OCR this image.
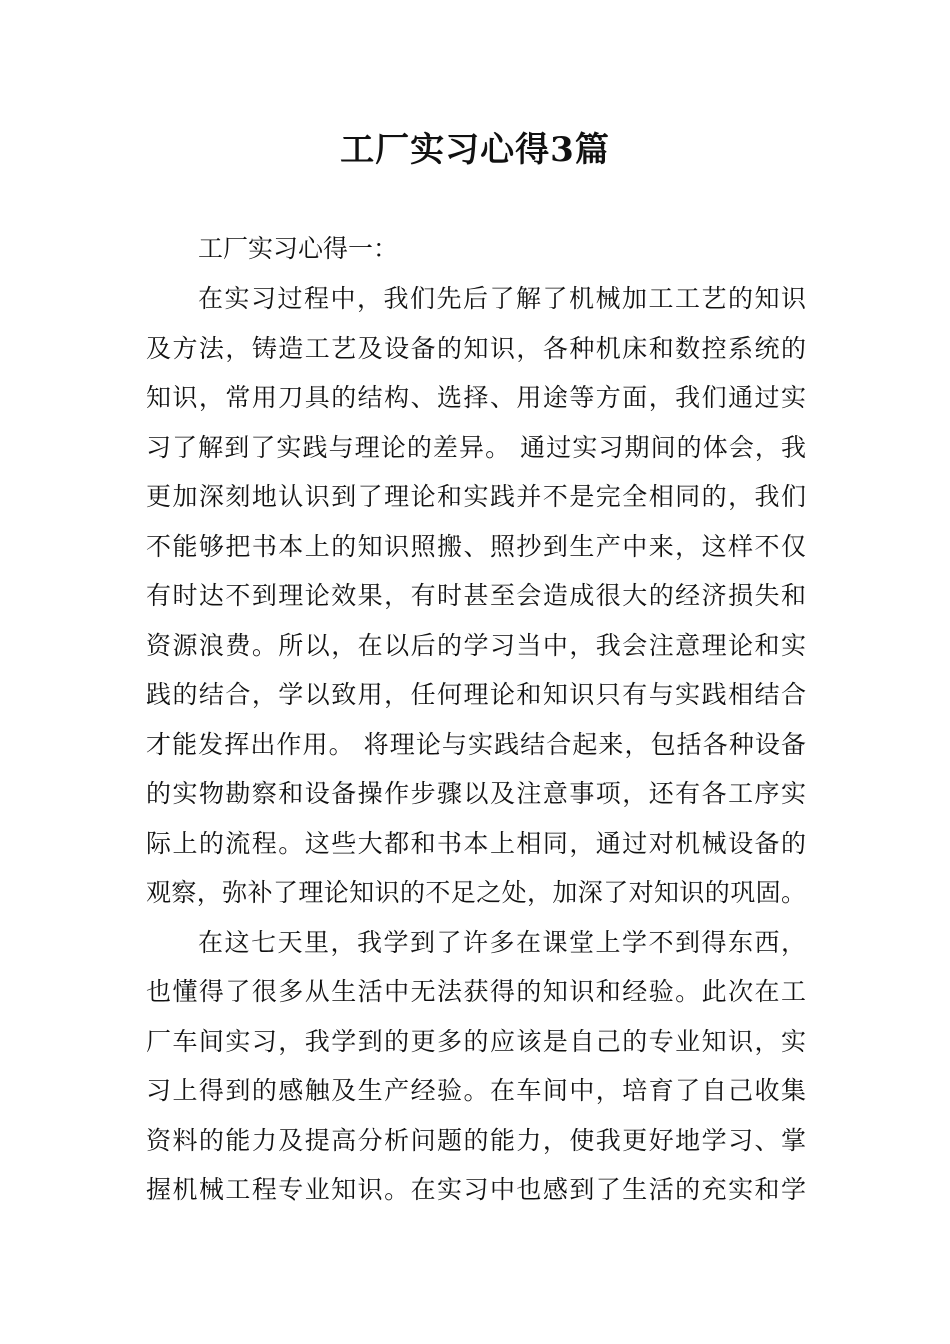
工厂实习心得3篇
工厂实习心得一：
在实习过程中，我们先后了解了机械加工工艺的知识
及方法，铸造工艺及设备的知识，各种机床和数控系统的
知识，常用刀具的结构、选择、用途等方面，我们通过实
习了解到了实践与理论的差异。 通过实习期间的体会，我
更加深刻地认识到了理论和实践并不是完全相同的，我们
不能够把书本上的知识照搬、照抄到生产中来，这样不仅
有时达不到理论效果，有时甚至会造成很大的经济损失和
资源浪费。所以，在以后的学习当中，我会注意理论和实
践的结合，学以致用，任何理论和知识只有与实践相结合
才能发挥出作用。 将理论与实践结合起来，包括各种设备
的实物勘察和设备操作步骤以及注意事项，还有各工序实
际上的流程。这些大都和书本上相同，通过对机械设备的
观察，弥补了理论知识的不足之处，加深了对知识的巩固。
在这七天里，我学到了许多在课堂上学不到得东西，
也懂得了很多从生活中无法获得的知识和经验。此次在工
厂车间实习，我学到的更多的应该是自己的专业知识，实
习上得到的感触及生产经验。在车间中，培育了自己收集
资料的能力及提高分析问题的能力，使我更好地学习、掌
握机械工程专业知识。在实习中也感到了生活的充实和学
